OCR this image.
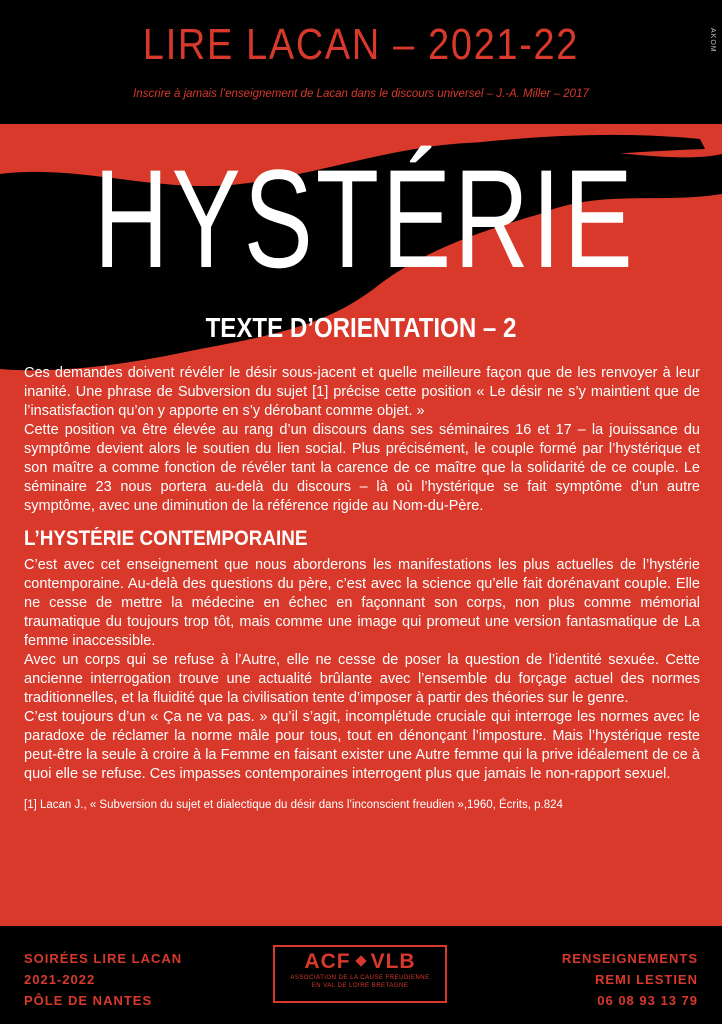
LIRE LACAN – 2021-22
Inscrire à jamais l’enseignement de Lacan dans le discours universel – J.-A. Miller – 2017
AKOM
HYSTÉRIE
TEXTE D’ORIENTATION – 2

Ces demandes doivent révéler le désir sous-jacent et quelle meilleure façon que de les renvoyer à leur inanité. Une phrase de Subversion du sujet [1] précise cette position « Le désir ne s’y maintient que de l’insatisfaction qu’on y apporte en s’y dérobant comme objet. »

Cette position va être élevée au rang d’un discours dans ses séminaires 16 et 17 – la jouissance du symptôme devient alors le soutien du lien social. Plus précisément, le couple formé par l’hystérique et son maître a comme fonction de révéler tant la carence de ce maître que la solidarité de ce couple. Le séminaire 23 nous portera au-delà du discours – là où l’hystérique se fait symptôme d’un autre symptôme, avec une diminution de la référence rigide au Nom-du-Père.

L’HYSTÉRIE CONTEMPORAINE

C’est avec cet enseignement que nous aborderons les manifestations les plus actuelles de l’hystérie contemporaine. Au-delà des questions du père, c’est avec la science qu’elle fait dorénavant couple. Elle ne cesse de mettre la médecine en échec en façonnant son corps, non plus comme mémorial traumatique du toujours trop tôt, mais comme une image qui promeut une version fantasmatique de La femme inaccessible.

Avec un corps qui se refuse à l’Autre, elle ne cesse de poser la question de l’identité sexuée. Cette ancienne interrogation trouve une actualité brûlante avec l’ensemble du forçage actuel des normes traditionnelles, et la fluidité que la civilisation tente d’imposer à partir des théories sur le genre.

C’est toujours d’un « Ça ne va pas. » qu’il s’agit, incomplétude cruciale qui interroge les normes avec le paradoxe de réclamer la norme mâle pour tous, tout en dénonçant l’imposture. Mais l’hystérique reste peut-être la seule à croire à la Femme en faisant exister une Autre femme qui la prive idéalement de ce à quoi elle se refuse. Ces impasses contemporaines interrogent plus que jamais le non-rapport sexuel.

[1] Lacan J., « Subversion du sujet et dialectique du désir dans l’inconscient freudien »,1960, Écrits, p.824

SOIRÉES LIRE LACAN
2021-2022
PÔLE DE NANTES
ACF VLB
ASSOCIATION DE LA CAUSE FREUDIENNE
EN VAL DE LOIRE BRETAGNE
RENSEIGNEMENTS
REMI LESTIEN
06 08 93 13 79
